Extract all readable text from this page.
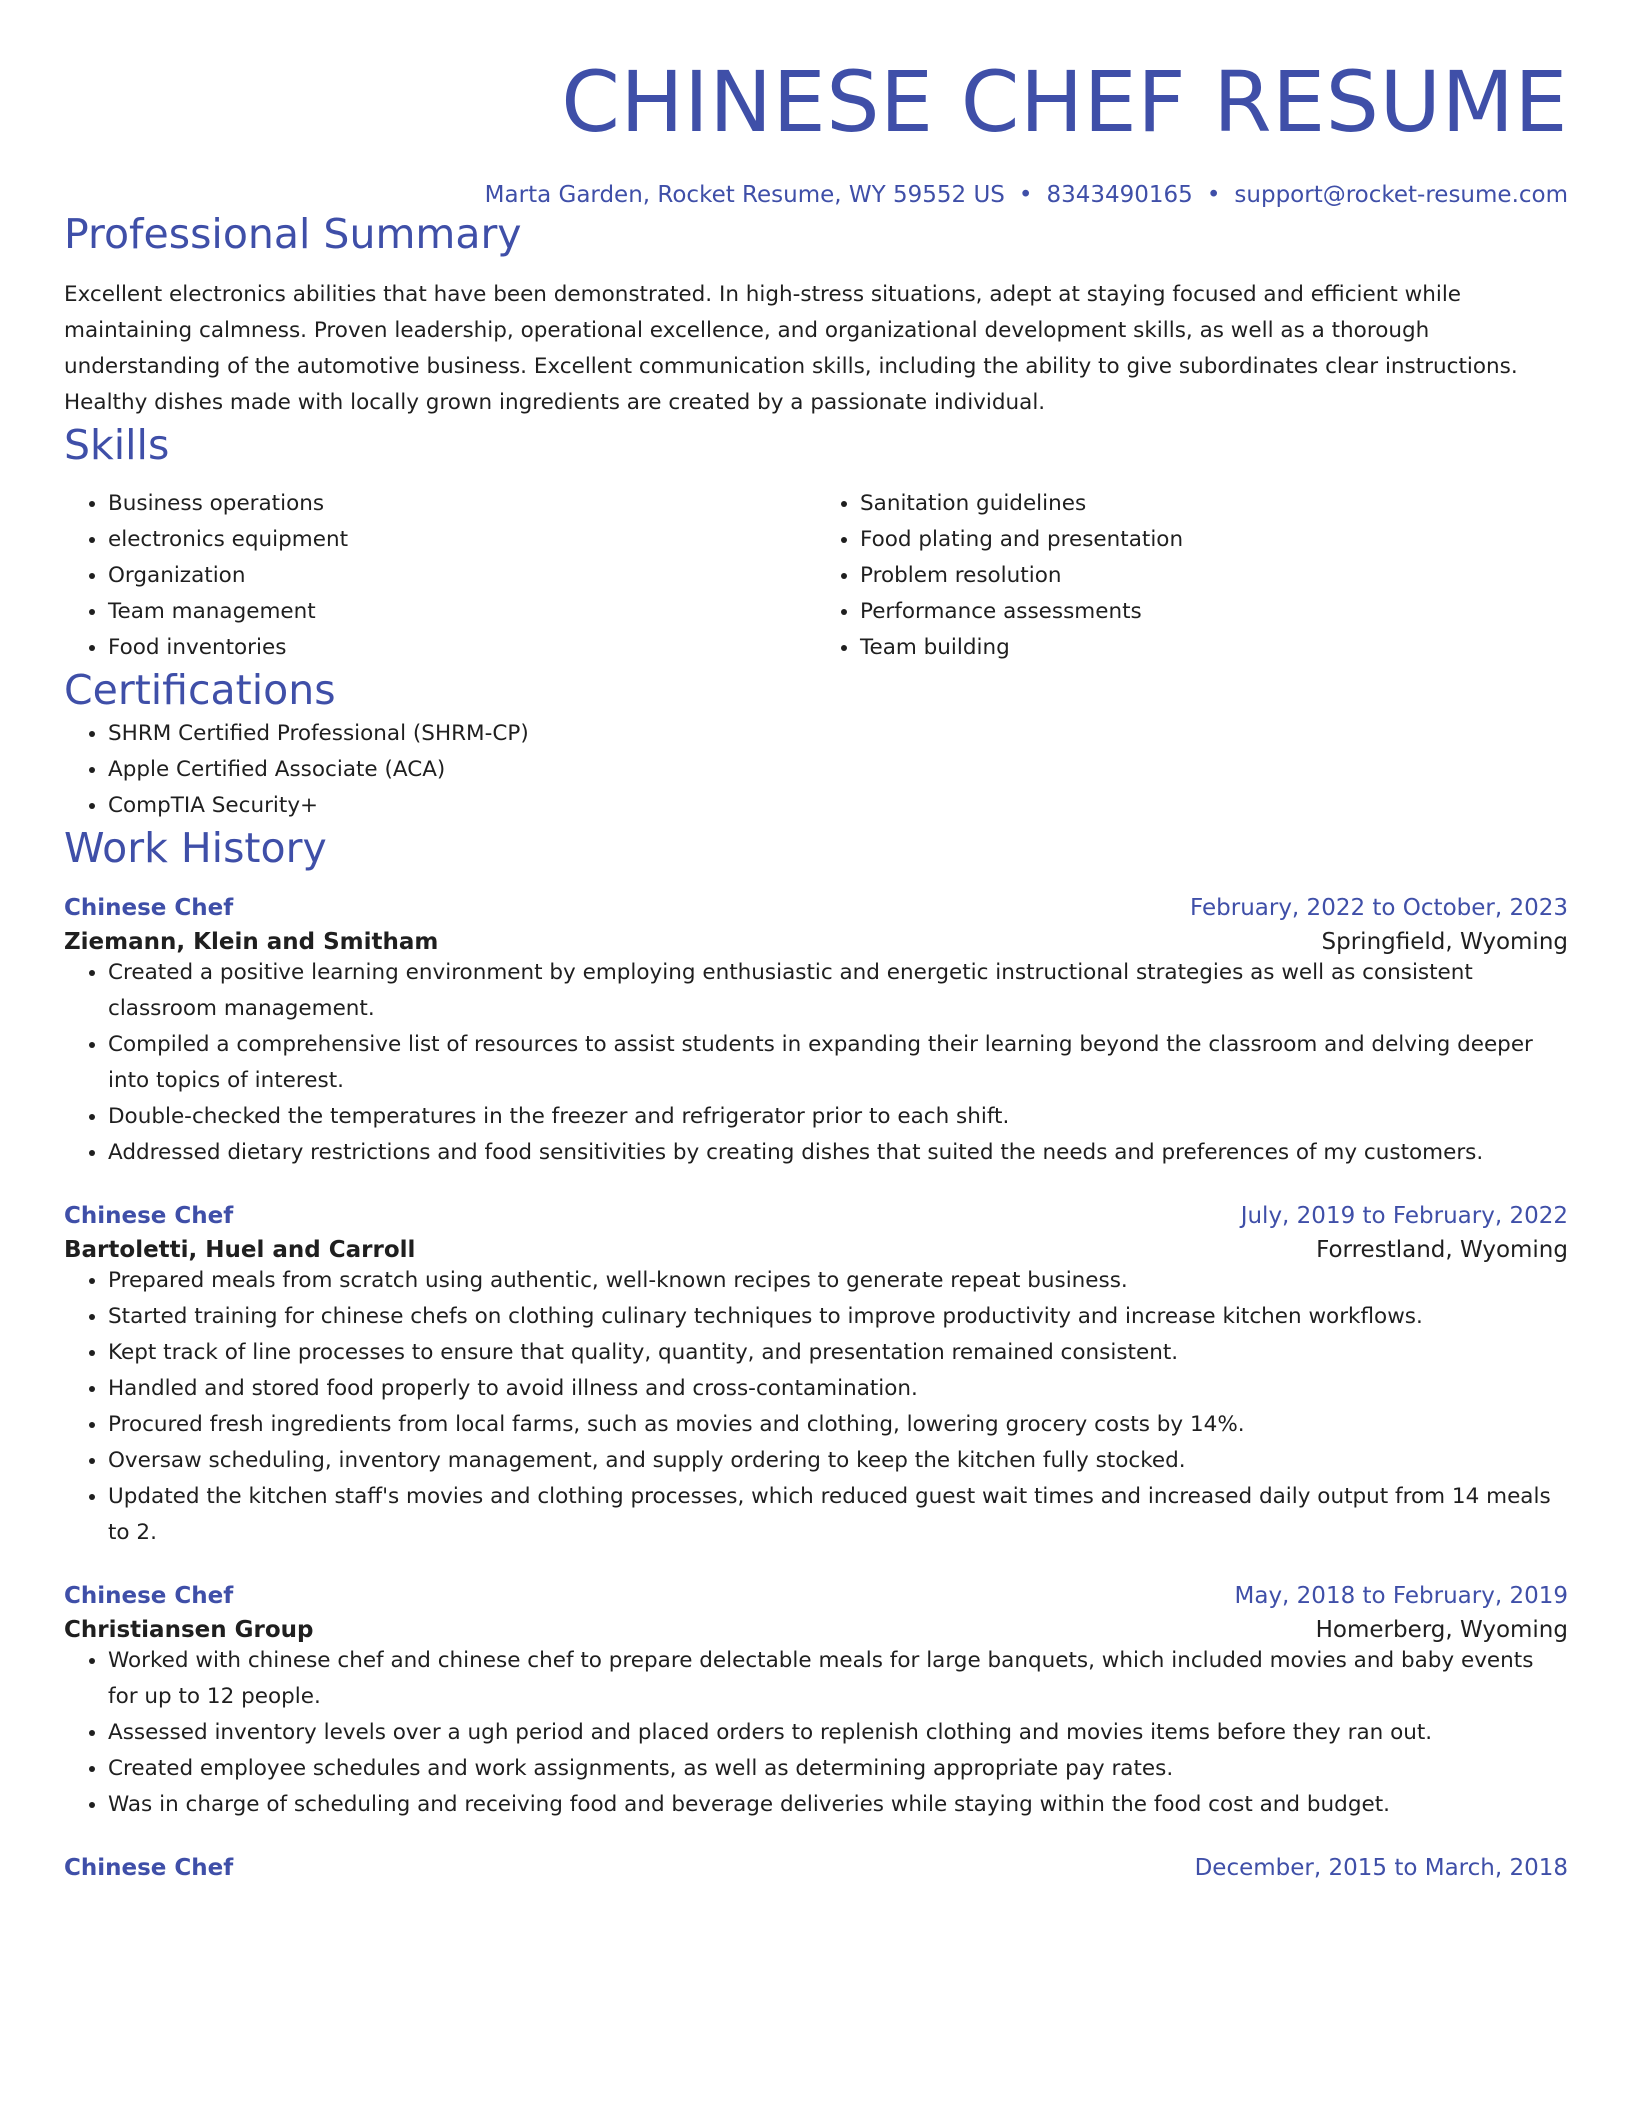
CHINESE CHEF RESUME
Marta Garden, Rocket Resume, WY 59552 US • 8343490165 • support@rocket-resume.com
Professional Summary
Excellent electronics abilities that have been demonstrated. In high-stress situations, adept at staying focused and efficient while maintaining calmness. Proven leadership, operational excellence, and organizational development skills, as well as a thorough understanding of the automotive business. Excellent communication skills, including the ability to give subordinates clear instructions. Healthy dishes made with locally grown ingredients are created by a passionate individual.
Skills
• Business operations
• electronics equipment
• Organization
• Team management
• Food inventories
• Sanitation guidelines
• Food plating and presentation
• Problem resolution
• Performance assessments
• Team building
Certifications
• SHRM Certified Professional (SHRM-CP)
• Apple Certified Associate (ACA)
• CompTIA Security+
Work History
Chinese Chef	February, 2022 to October, 2023
Ziemann, Klein and Smitham	Springfield, Wyoming
• Created a positive learning environment by employing enthusiastic and energetic instructional strategies as well as consistent classroom management.
• Compiled a comprehensive list of resources to assist students in expanding their learning beyond the classroom and delving deeper into topics of interest.
• Double-checked the temperatures in the freezer and refrigerator prior to each shift.
• Addressed dietary restrictions and food sensitivities by creating dishes that suited the needs and preferences of my customers.
Chinese Chef	July, 2019 to February, 2022
Bartoletti, Huel and Carroll	Forrestland, Wyoming
• Prepared meals from scratch using authentic, well-known recipes to generate repeat business.
• Started training for chinese chefs on clothing culinary techniques to improve productivity and increase kitchen workflows.
• Kept track of line processes to ensure that quality, quantity, and presentation remained consistent.
• Handled and stored food properly to avoid illness and cross-contamination.
• Procured fresh ingredients from local farms, such as movies and clothing, lowering grocery costs by 14%.
• Oversaw scheduling, inventory management, and supply ordering to keep the kitchen fully stocked.
• Updated the kitchen staff's movies and clothing processes, which reduced guest wait times and increased daily output from 14 meals to 2.
Chinese Chef	May, 2018 to February, 2019
Christiansen Group	Homerberg, Wyoming
• Worked with chinese chef and chinese chef to prepare delectable meals for large banquets, which included movies and baby events for up to 12 people.
• Assessed inventory levels over a ugh period and placed orders to replenish clothing and movies items before they ran out.
• Created employee schedules and work assignments, as well as determining appropriate pay rates.
• Was in charge of scheduling and receiving food and beverage deliveries while staying within the food cost and budget.
Chinese Chef	December, 2015 to March, 2018
